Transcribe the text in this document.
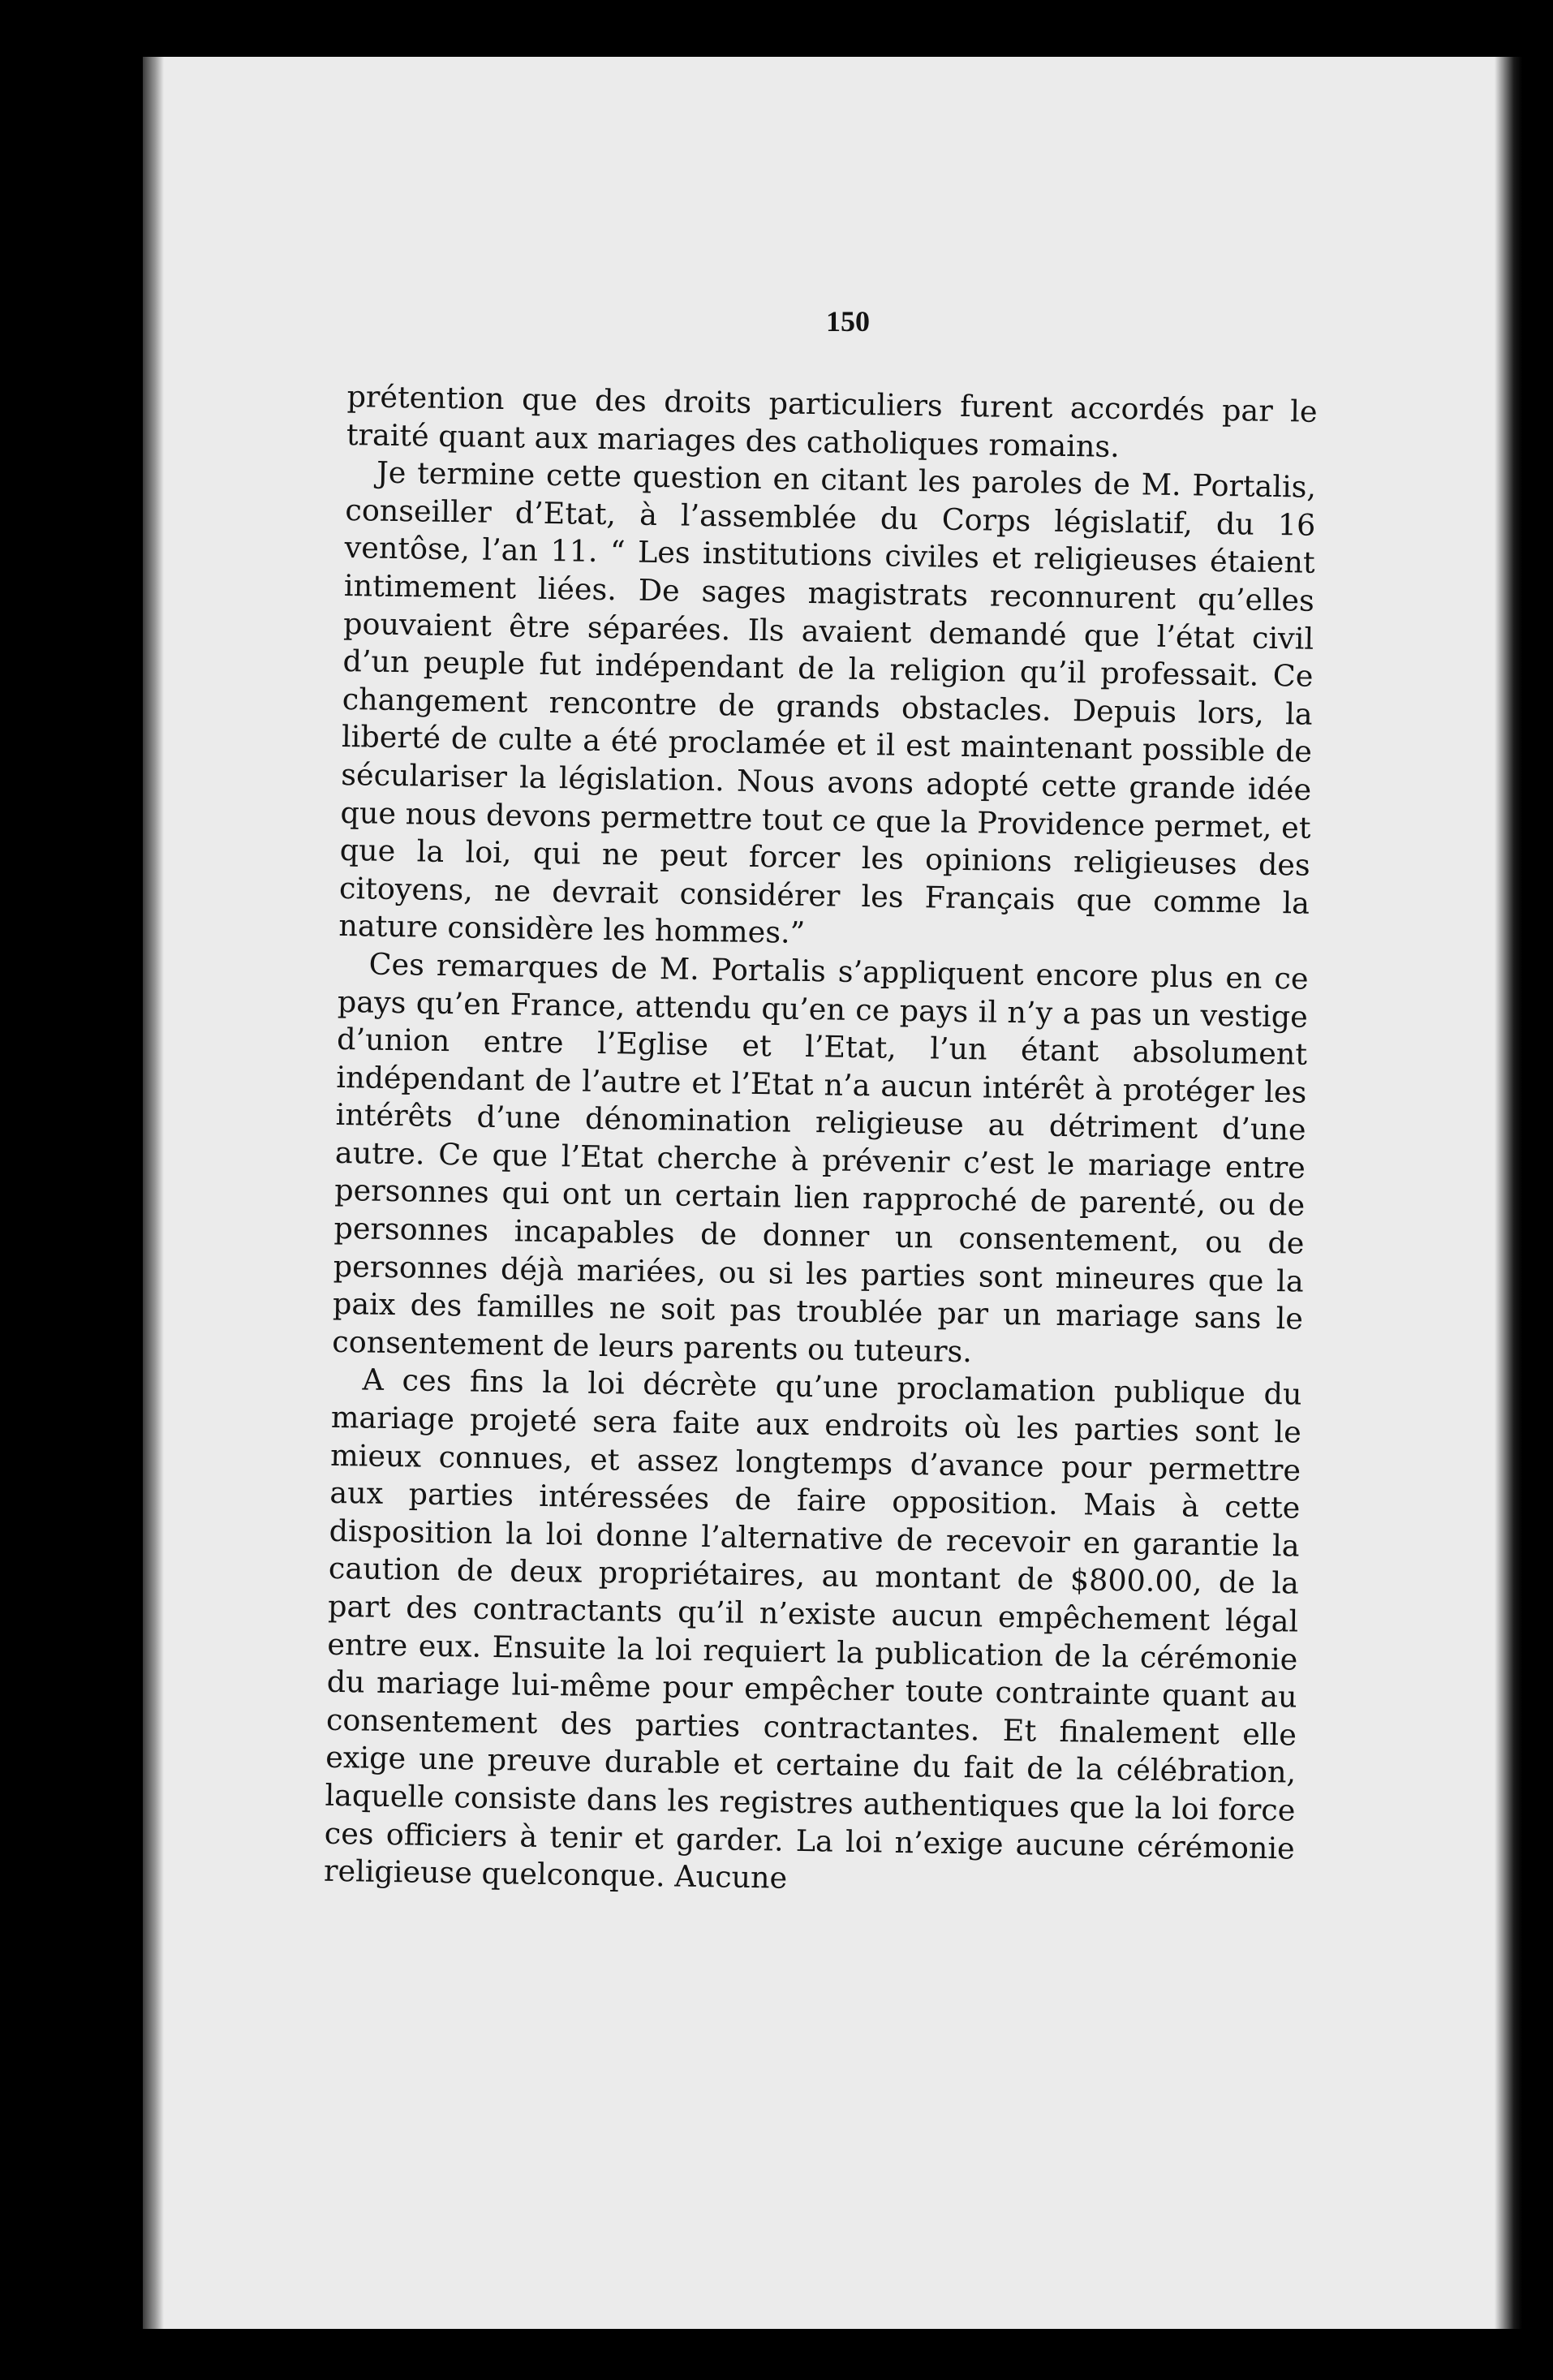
150

prétention que des droits particuliers furent accordés par le traité quant aux mariages des catholiques romains.

Je termine cette question en citant les paroles de M. Portalis, conseiller d’Etat, à l’assemblée du Corps législatif, du 16 ventôse, l’an 11. “ Les institutions civiles et religieuses étaient intimement liées. De sages magistrats reconnurent qu’elles pouvaient être séparées. Ils avaient demandé que l’état civil d’un peuple fut indépendant de la religion qu’il professait. Ce changement rencontre de grands obstacles. Depuis lors, la liberté de culte a été proclamée et il est maintenant possible de séculariser la législation. Nous avons adopté cette grande idée que nous devons permettre tout ce que la Providence permet, et que la loi, qui ne peut forcer les opinions religieuses des citoyens, ne devrait considérer les Français que comme la nature considère les hommes.”

Ces remarques de M. Portalis s’appliquent encore plus en ce pays qu’en France, attendu qu’en ce pays il n’y a pas un vestige d’union entre l’Eglise et l’Etat, l’un étant absolument indépendant de l’autre et l’Etat n’a aucun intérêt à protéger les intérêts d’une dénomination religieuse au détriment d’une autre. Ce que l’Etat cherche à prévenir c’est le mariage entre personnes qui ont un certain lien rapproché de parenté, ou de personnes incapables de donner un consentement, ou de personnes déjà mariées, ou si les parties sont mineures que la paix des familles ne soit pas troublée par un mariage sans le consentement de leurs parents ou tuteurs.

A ces fins la loi décrète qu’une proclamation publique du mariage projeté sera faite aux endroits où les parties sont le mieux connues, et assez longtemps d’avance pour permettre aux parties intéressées de faire opposition. Mais à cette disposition la loi donne l’alternative de recevoir en garantie la caution de deux propriétaires, au montant de $800.00, de la part des contractants qu’il n’existe aucun empêchement légal entre eux. Ensuite la loi requiert la publication de la cérémonie du mariage lui-même pour empêcher toute contrainte quant au consentement des parties contractantes. Et finalement elle exige une preuve durable et certaine du fait de la célébration, laquelle consiste dans les registres authentiques que la loi force ces officiers à tenir et garder. La loi n’exige aucune cérémonie religieuse quelconque. Aucune
